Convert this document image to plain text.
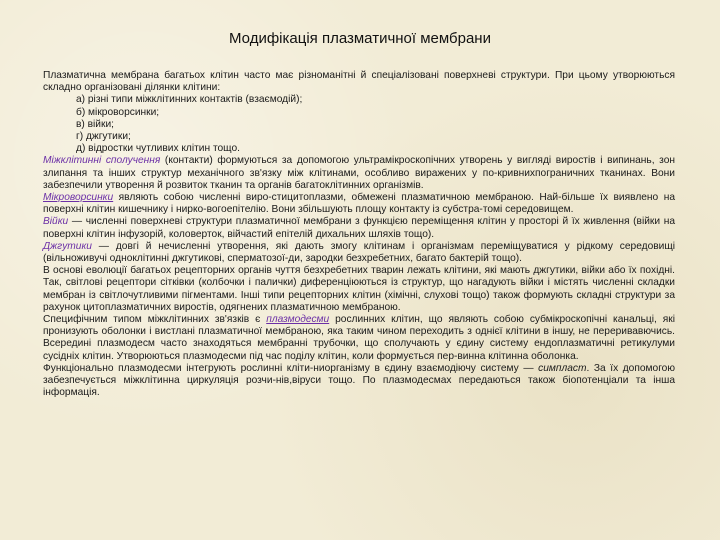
Модифікація плазматичної мембрани

Плазматична мембрана багатьох клітин часто має різноманітні й спеціалізовані поверхневі структури. При цьому утворюються складно організовані ділянки клітини:

а) різні типи міжклітинних контактів (взаємодій);
б) мікроворсинки;
в) війки;
г) джгутики;
д) відростки чутливих клітин тощо.

Міжклітинні сполучення (контакти) формуються за допомогою ультрамікроскопічних утворень у вигляді виростів і випинань, зон злипання та інших структур механічного зв'язку між клітинами, особливо виражених у по-кривнихпограничних тканинах. Вони забезпечили утворення й розвиток тканин та органів багатоклітинних організмів.

Мікроворсинки являють собою численні виро-стицитоплазми, обмежені плазматичною мембраною. Най-більше їх виявлено на поверхні клітин кишечнику і нирко-вогоепітелію. Вони збільшують площу контакту із субстра-томі середовищем.

Війки — численні поверхневі структури плазматичної мембрани з функцією переміщення клітин у просторі й їх живлення (війки на поверхні клітин інфузорій, коловерток, війчастий епітелій дихальних шляхів тощо).

Джгутики — довгі й нечисленні утворення, які дають змогу клітинам і організмам переміщуватися у рідкому середовищі (вільноживучі одноклітинні джгутикові, сперматозої-ди, зародки безхребетних, багато бактерій тощо).

В основі еволюції багатьох рецепторних органів чуття безхребетних тварин лежать клітини, які мають джгутики, війки або їх похідні. Так, світлові рецептори сітківки (колбочки і палички) диференціюються із структур, що нагадують війки і містять численні складки мембран із світлочутливими пігментами. Інші типи рецепторних клітин (хімічні, слухові тощо) також формують складні структури за рахунок цитоплазматичних виростів, одягнених плазматичною мембраною.

Специфічним типом міжклітинних зв'язків є плазмодесми рослинних клітин, що являють собою субмікроскопічні канальці, які пронизують оболонки і вистлані плазматичної мембраною, яка таким чином переходить з однієї клітини в іншу, не переривавючись. Всередині плазмодесм часто знаходяться мембранні трубочки, що сполучають у єдину систему ендоплазматичні ретикулуми сусідніх клітин. Утворюються плазмодесми під час поділу клітин, коли формується пер-винна клітинна оболонка.

Функціонально плазмодесми інтегрують рослинні кліти-ниорганізму в єдину взаємодіючу систему — симпласт. За їх допомогою забезпечується міжклітинна циркуляція розчи-нів,віруси тощо. По плазмодесмах передаються також біопотенціали та інша інформація.
